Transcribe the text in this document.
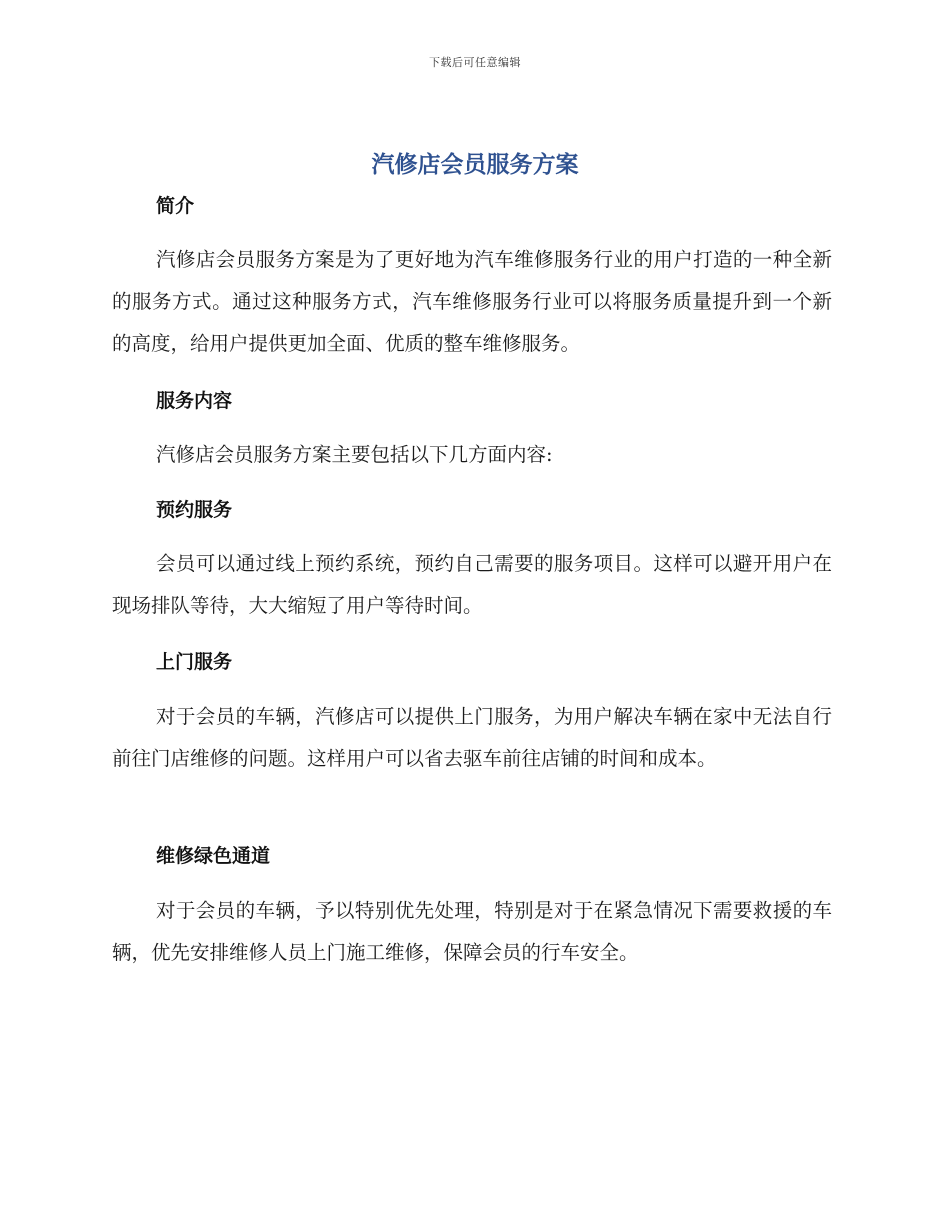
下载后可任意编辑
汽修店会员服务方案
简介

汽修店会员服务方案是为了更好地为汽车维修服务行业的用户打造的一种全新的服务方式。通过这种服务方式，汽车维修服务行业可以将服务质量提升到一个新的高度，给用户提供更加全面、优质的整车维修服务。

服务内容

汽修店会员服务方案主要包括以下几方面内容:

预约服务

会员可以通过线上预约系统，预约自己需要的服务项目。这样可以避开用户在现场排队等待，大大缩短了用户等待时间。

上门服务

对于会员的车辆，汽修店可以提供上门服务，为用户解决车辆在家中无法自行前往门店维修的问题。这样用户可以省去驱车前往店铺的时间和成本。

维修绿色通道

对于会员的车辆，予以特别优先处理，特别是对于在紧急情况下需要救援的车辆，优先安排维修人员上门施工维修，保障会员的行车安全。
